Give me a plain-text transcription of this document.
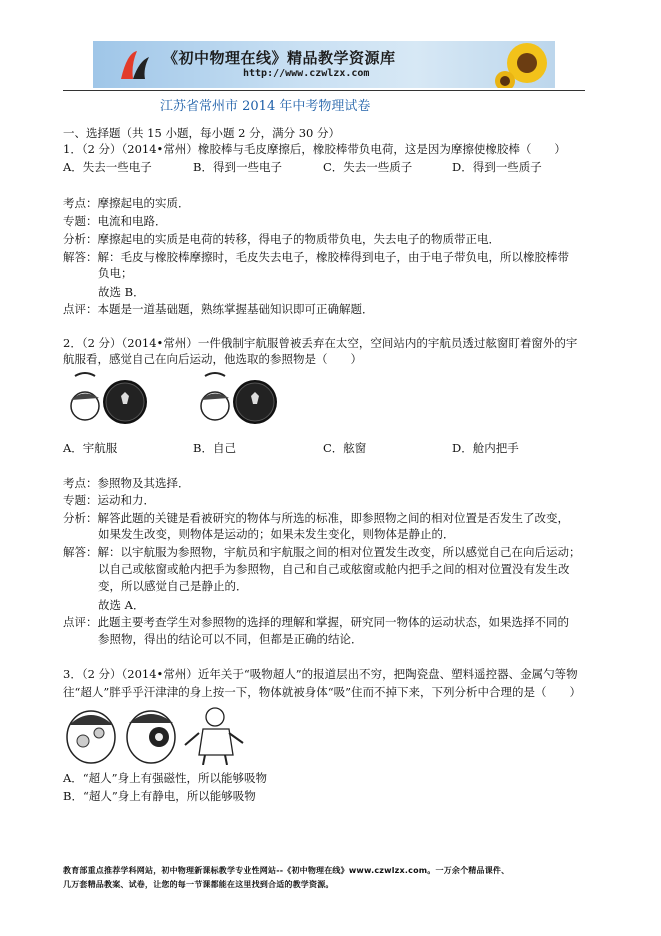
《初中物理在线》精品教学资源库
http://www.czwlzx.com
江苏省常州市 2014 年中考物理试卷
一、选择题（共 15 小题，每小题 2 分，满分 30 分）
1．（2 分）（2014•常州）橡胶棒与毛皮摩擦后，橡胶棒带负电荷，这是因为摩擦使橡胶棒（　　）
A．失去一些电子	B．得到一些电子	C．失去一些质子	D．得到一些质子
考点：摩擦起电的实质．
专题：电流和电路．
分析：摩擦起电的实质是电荷的转移，得电子的物质带负电，失去电子的物质带正电．
解答：解：毛皮与橡胶棒摩擦时，毛皮失去电子，橡胶棒得到电子，由于电子带负电，所以橡胶棒带
负电；
故选 B．
点评：本题是一道基础题，熟练掌握基础知识即可正确解题．
2．（2 分）（2014•常州）一件俄制宇航服曾被丢弃在太空，空间站内的宇航员透过舷窗盯着窗外的宇
航服看，感觉自己在向后运动，他选取的参照物是（　　）
A．宇航服	B．自己	C．舷窗	D．舱内把手
考点：参照物及其选择．
专题：运动和力．
分析：解答此题的关键是看被研究的物体与所选的标准，即参照物之间的相对位置是否发生了改变，
如果发生改变，则物体是运动的；如果未发生变化，则物体是静止的．
解答：解：以宇航服为参照物，宇航员和宇航服之间的相对位置发生改变，所以感觉自己在向后运动；
以自己或舷窗或舱内把手为参照物，自己和自己或舷窗或舱内把手之间的相对位置没有发生改
变，所以感觉自己是静止的．
故选 A．
点评：此题主要考查学生对参照物的选择的理解和掌握，研究同一物体的运动状态，如果选择不同的
参照物，得出的结论可以不同，但都是正确的结论．
3．（2 分）（2014•常州）近年关于“吸物超人”的报道层出不穷，把陶瓷盘、塑料遥控器、金属勺等物
往“超人”胖乎乎汗津津的身上按一下，物体就被身体“吸”住而不掉下来，下列分析中合理的是（　　）
A．“超人”身上有强磁性，所以能够吸物
B．“超人”身上有静电，所以能够吸物
教育部重点推荐学科网站，初中物理新课标教学专业性网站--《初中物理在线》www.czwlzx.com。一万余个精品课件、
几万套精品教案、试卷，让您的每一节课都能在这里找到合适的教学资源。
